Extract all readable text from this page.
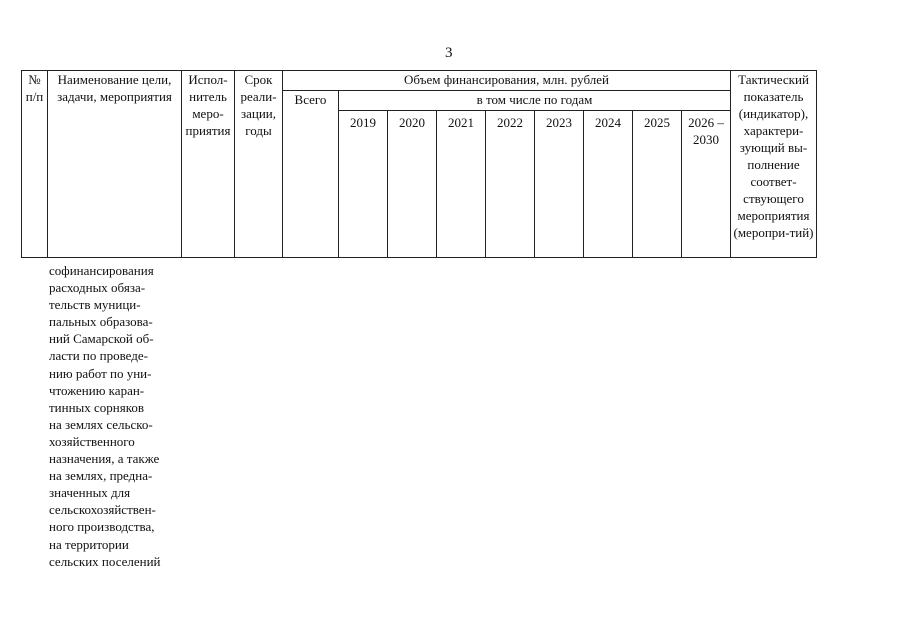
3
№ п/п	Наименование цели, задачи, мероприятия	Испол-нитель меро-приятия	Срок реали-зации, годы	Объем финансирования, млн. рублей									Тактический показатель (индикатор), характери-зующий вы-полнение соответ-ствующего мероприятия (меропри-тий)
				Всего	в том числе по годам								
					2019	2020	2021	2022	2023	2024	2025	2026 – 2030	
софинансирования
расходных обяза-
тельств муници-
пальных образова-
ний Самарской об-
ласти по проведе-
нию работ по уни-
чтожению каран-
тинных сорняков
на землях сельско-
хозяйственного
назначения, а также
на землях, предна-
значенных для
сельскохозяйствен-
ного производства,
на территории
сельских поселений
